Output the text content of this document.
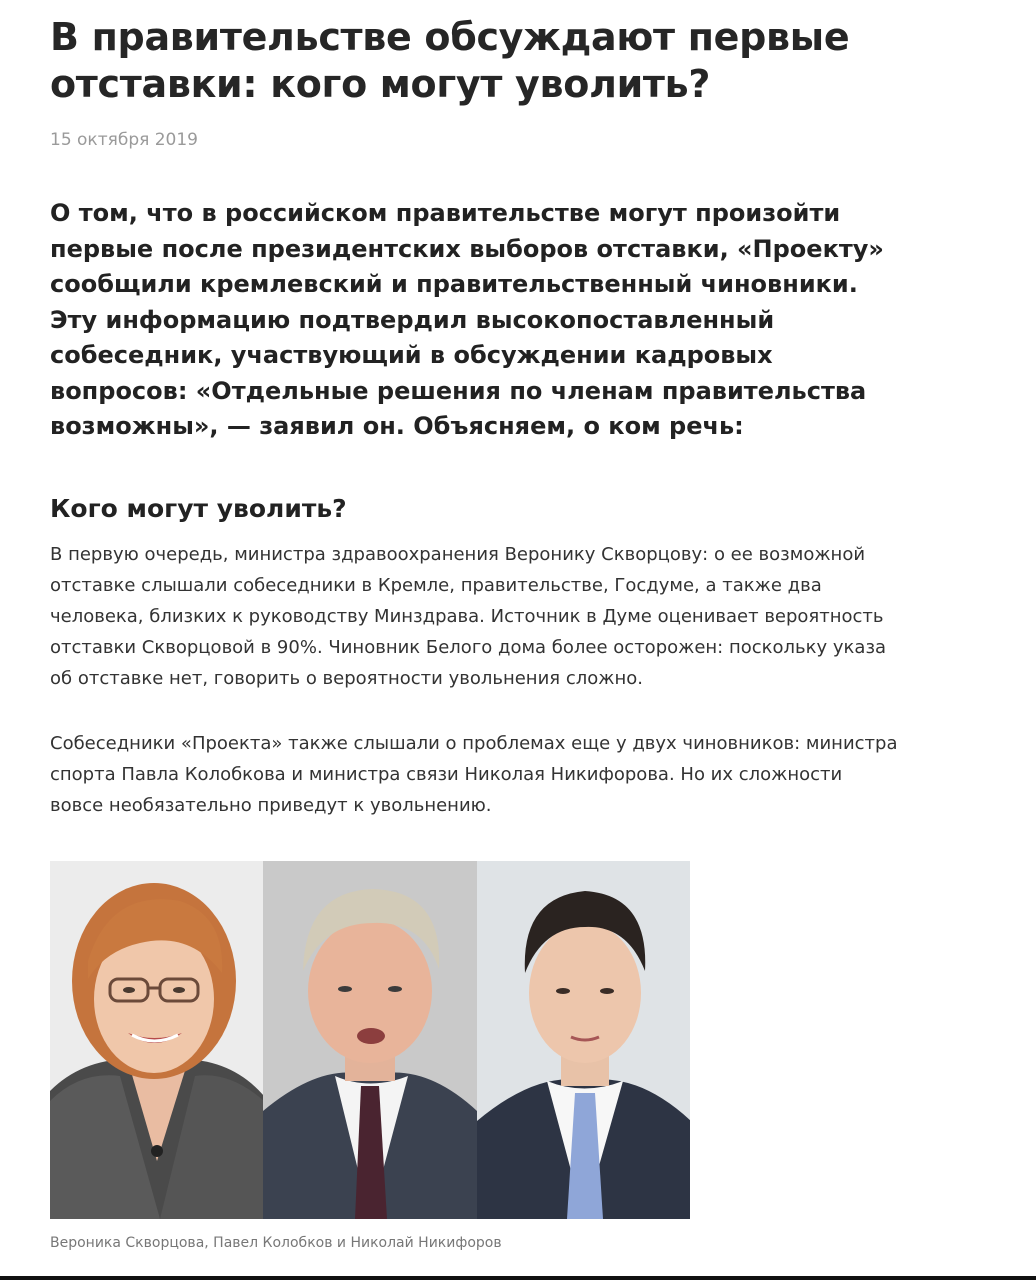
В правительстве обсуждают первые отставки: кого могут уволить?
15 октября 2019
О том, что в российском правительстве могут произойти первые после президентских выборов отставки, «Проекту» сообщили кремлевский и правительственный чиновники. Эту информацию подтвердил высокопоставленный собеседник, участвующий в обсуждении кадровых вопросов: «Отдельные решения по членам правительства возможны», — заявил он. Объясняем, о ком речь:
Кого могут уволить?
В первую очередь, министра здравоохранения Веронику Скворцову: о ее возможной отставке слышали собеседники в Кремле, правительстве, Госдуме, а также два человека, близких к руководству Минздрава. Источник в Думе оценивает вероятность отставки Скворцовой в 90%. Чиновник Белого дома более осторожен: поскольку указа об отставке нет, говорить о вероятности увольнения сложно.
Собеседники «Проекта» также слышали о проблемах еще у двух чиновников: министра спорта Павла Колобкова и министра связи Николая Никифорова. Но их сложности вовсе необязательно приведут к увольнению.
Вероника Скворцова, Павел Колобков и Николай Никифоров
